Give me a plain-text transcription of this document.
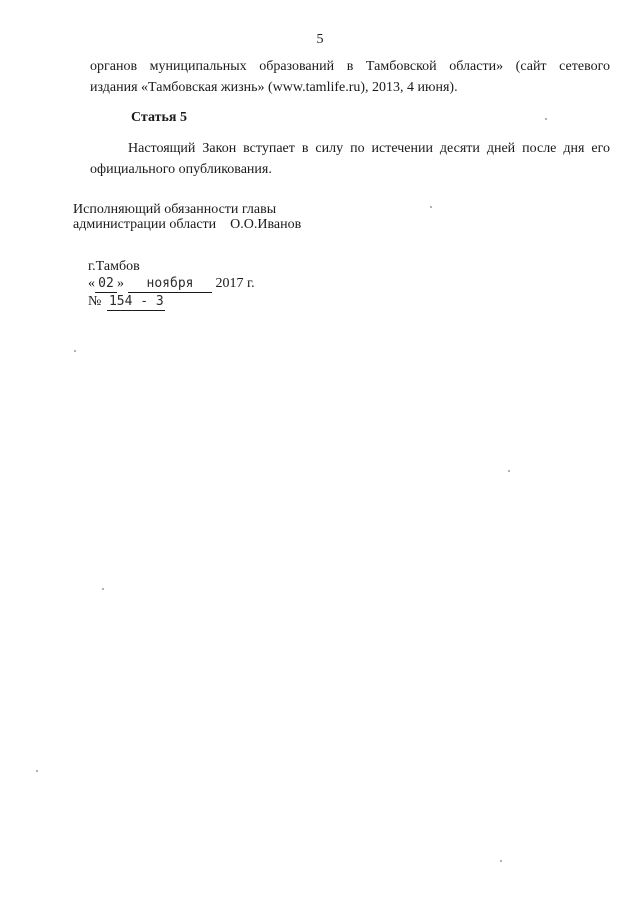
5
органов муниципальных образований в Тамбовской области» (сайт сетевого
издания «Тамбовская жизнь» (www.tamlife.ru), 2013, 4 июня).
Статья 5
Настоящий Закон вступает в силу по истечении десяти дней после дня его
официального опубликования.
Исполняющий обязанности главы
администрации области О.О.Иванов
г.Тамбов
« 02 » ноября 2017 г.
№ 154 - 3
